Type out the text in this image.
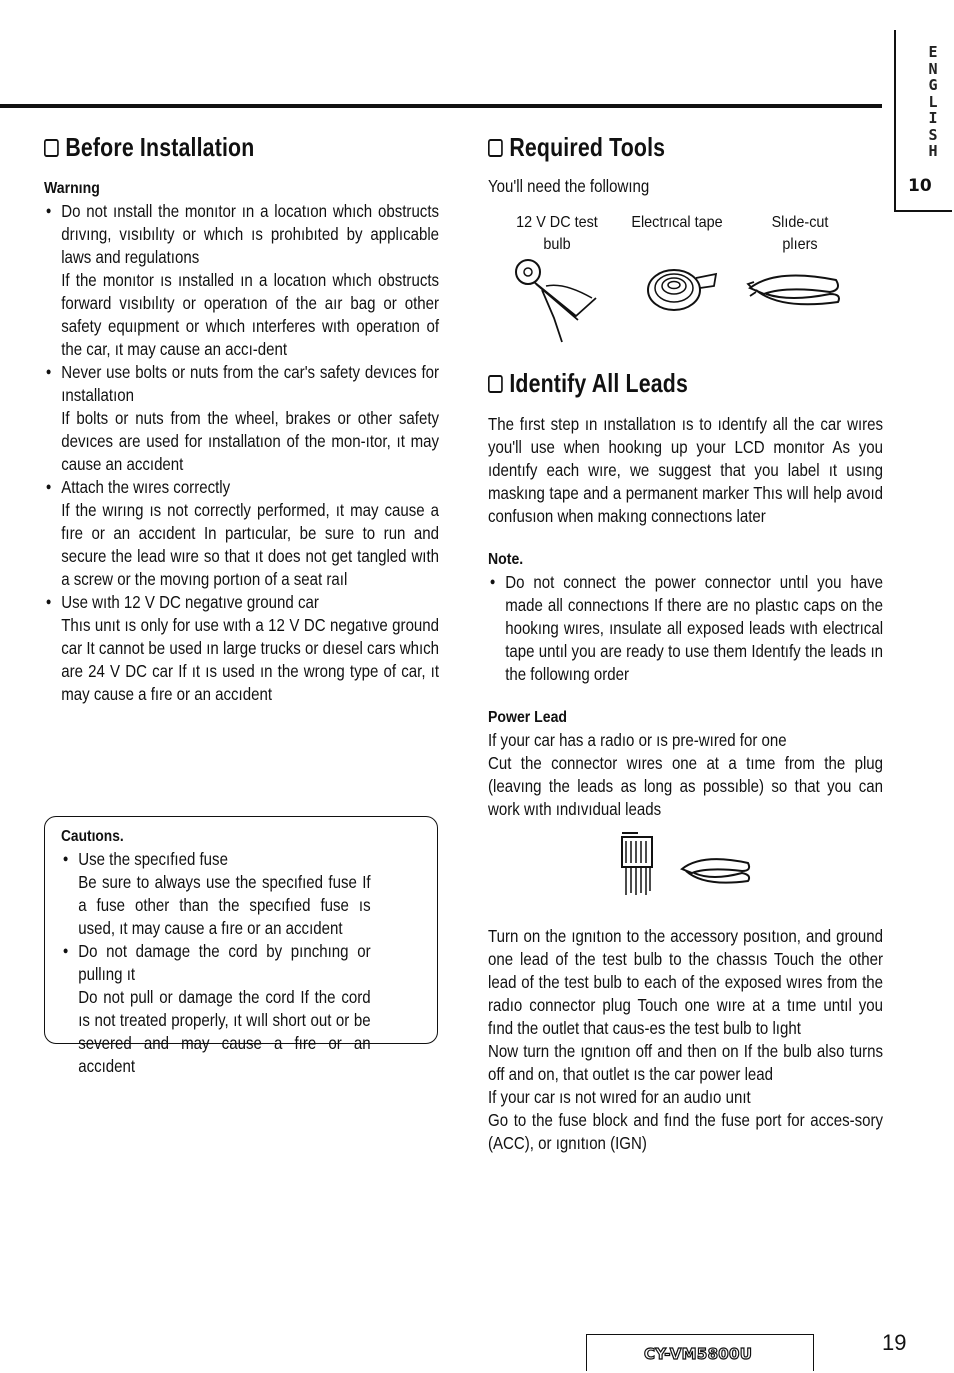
E
N
G
L
I
S
H
10
Before Installation

Warnıng

● Do not ınstall the monıtor ın a locatıon whıch obstructs drıvıng, vısıbılıty or whıch ıs prohıbıted by applıcable laws and regulatıons
If the monıtor ıs ınstalled ın a locatıon whıch obstructs forward vısıbılıty or operatıon of the aır bag or other safety equıpment or whıch ınterferes wıth operatıon of the car, ıt may cause an accı-dent
● Never use bolts or nuts from the car's safety devıces for ınstallatıon
If bolts or nuts from the wheel, brakes or other safety devıces are used for ınstallatıon of the mon-ıtor, ıt may cause an accıdent
● Attach the wıres correctly
If the wırıng ıs not correctly performed, ıt may cause a fıre or an accıdent In partıcular, be sure to run and secure the lead wıre so that ıt does not get tangled wıth a screw or the movıng portıon of a seat raıl
● Use wıth 12 V DC negatıve ground car
Thıs unıt ıs only for use wıth a 12 V DC negatıve ground car It cannot be used ın large trucks or dıesel cars whıch are 24 V DC car If ıt ıs used ın the wrong type of car, ıt may cause a fıre or an accıdent

Cautıons.

● Use the specıfıed fuse
Be sure to always use the specıfıed fuse If a fuse other than the specıfıed fuse ıs used, ıt may cause a fıre or an accıdent
● Do not damage the cord by pınchıng or pullıng ıt
Do not pull or damage the cord If the cord ıs not treated properly, ıt wıll short out or be severed and may cause a fıre or an accıdent
Required Tools

You'll need the followıng

12 V DC test
bulb
Electrıcal tape	Slıde-cut
plıers
Identify All Leads

The fırst step ın ınstallatıon ıs to ıdentıfy all the car wıres you'll use when hookıng up your LCD monıtor As you ıdentıfy each wıre, we suggest that you label ıt usıng maskıng tape and a permanent marker Thıs wıll help avoıd confusıon when makıng connectıons later

Note.

● Do not connect the power connector untıl you have made all connectıons If there are no plastıc caps on the hookıng wıres, ınsulate all exposed leads wıth electrıcal tape untıl you are ready to use them Identıfy the leads ın the followıng order

Power Lead

If your car has a radıo or ıs pre-wıred for one

Cut the connector wıres one at a tıme from the plug (leavıng the leads as long as possıble) so that you can work wıth ındıvıdual leads

Turn on the ıgnıtıon to the accessory posıtıon, and ground one lead of the test bulb to the chassıs Touch the other lead of the test bulb to each of the exposed wıres from the radıo connector plug Touch one wıre at a tıme untıl you fınd the outlet that caus-es the test bulb to lıght

Now turn the ıgnıtıon off and then on If the bulb also turns off and on, that outlet ıs the car power lead

If your car ıs not wıred for an audıo unıt

Go to the fuse block and fınd the fuse port for acces-sory (ACC), or ıgnıtıon (IGN)

CY-VM5800U	19
